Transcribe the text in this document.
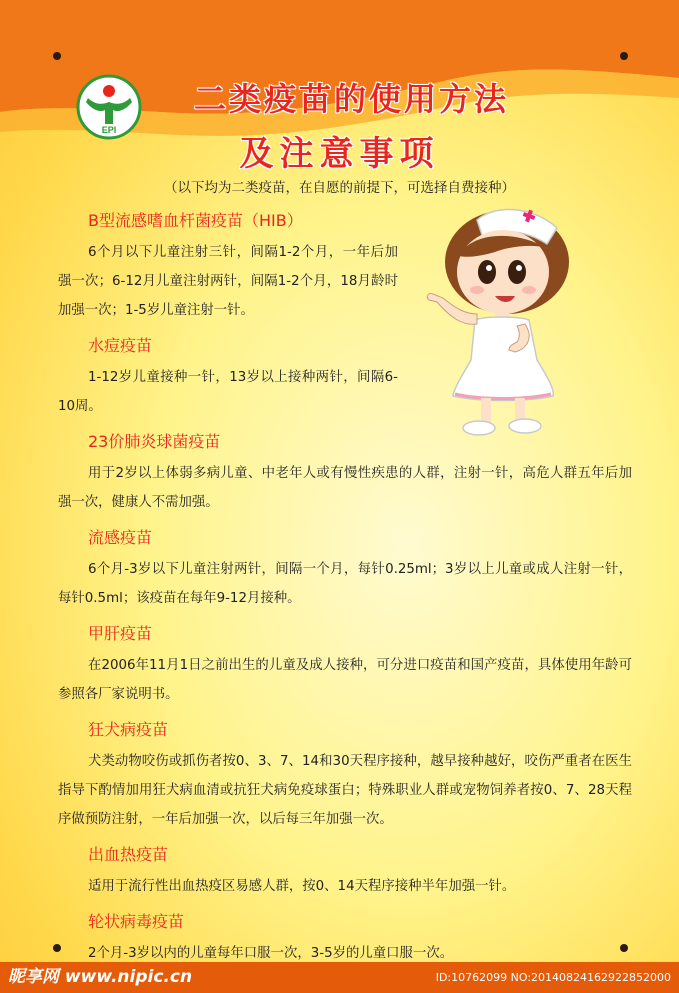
EPI
二类疫苗的使用方法
及注意事项
（以下均为二类疫苗，在自愿的前提下，可选择自费接种）
B型流感嗜血杆菌疫苗（HIB）
6个月以下儿童注射三针，间隔1-2个月，一年后加强一次；6-12月儿童注射两针，间隔1-2个月，18月龄时加强一次；1-5岁儿童注射一针。
水痘疫苗
1-12岁儿童接种一针，13岁以上接种两针，间隔6-10周。
23价肺炎球菌疫苗
用于2岁以上体弱多病儿童、中老年人或有慢性疾患的人群，注射一针，高危人群五年后加强一次，健康人不需加强。
流感疫苗
6个月-3岁以下儿童注射两针，间隔一个月，每针0.25ml；3岁以上儿童或成人注射一针，每针0.5ml；该疫苗在每年9-12月接种。
甲肝疫苗
在2006年11月1日之前出生的儿童及成人接种，可分进口疫苗和国产疫苗，具体使用年龄可参照各厂家说明书。
狂犬病疫苗
犬类动物咬伤或抓伤者按0、3、7、14和30天程序接种，越早接种越好，咬伤严重者在医生指导下酌情加用狂犬病血清或抗狂犬病免疫球蛋白；特殊职业人群或宠物饲养者按0、7、28天程序做预防注射，一年后加强一次，以后每三年加强一次。
出血热疫苗
适用于流行性出血热疫区易感人群，按0、14天程序接种半年加强一针。
轮状病毒疫苗
2个月-3岁以内的儿童每年口服一次，3-5岁的儿童口服一次。
昵享网 www.nipic.cn	ID:10762099 NO:20140824162922852000
